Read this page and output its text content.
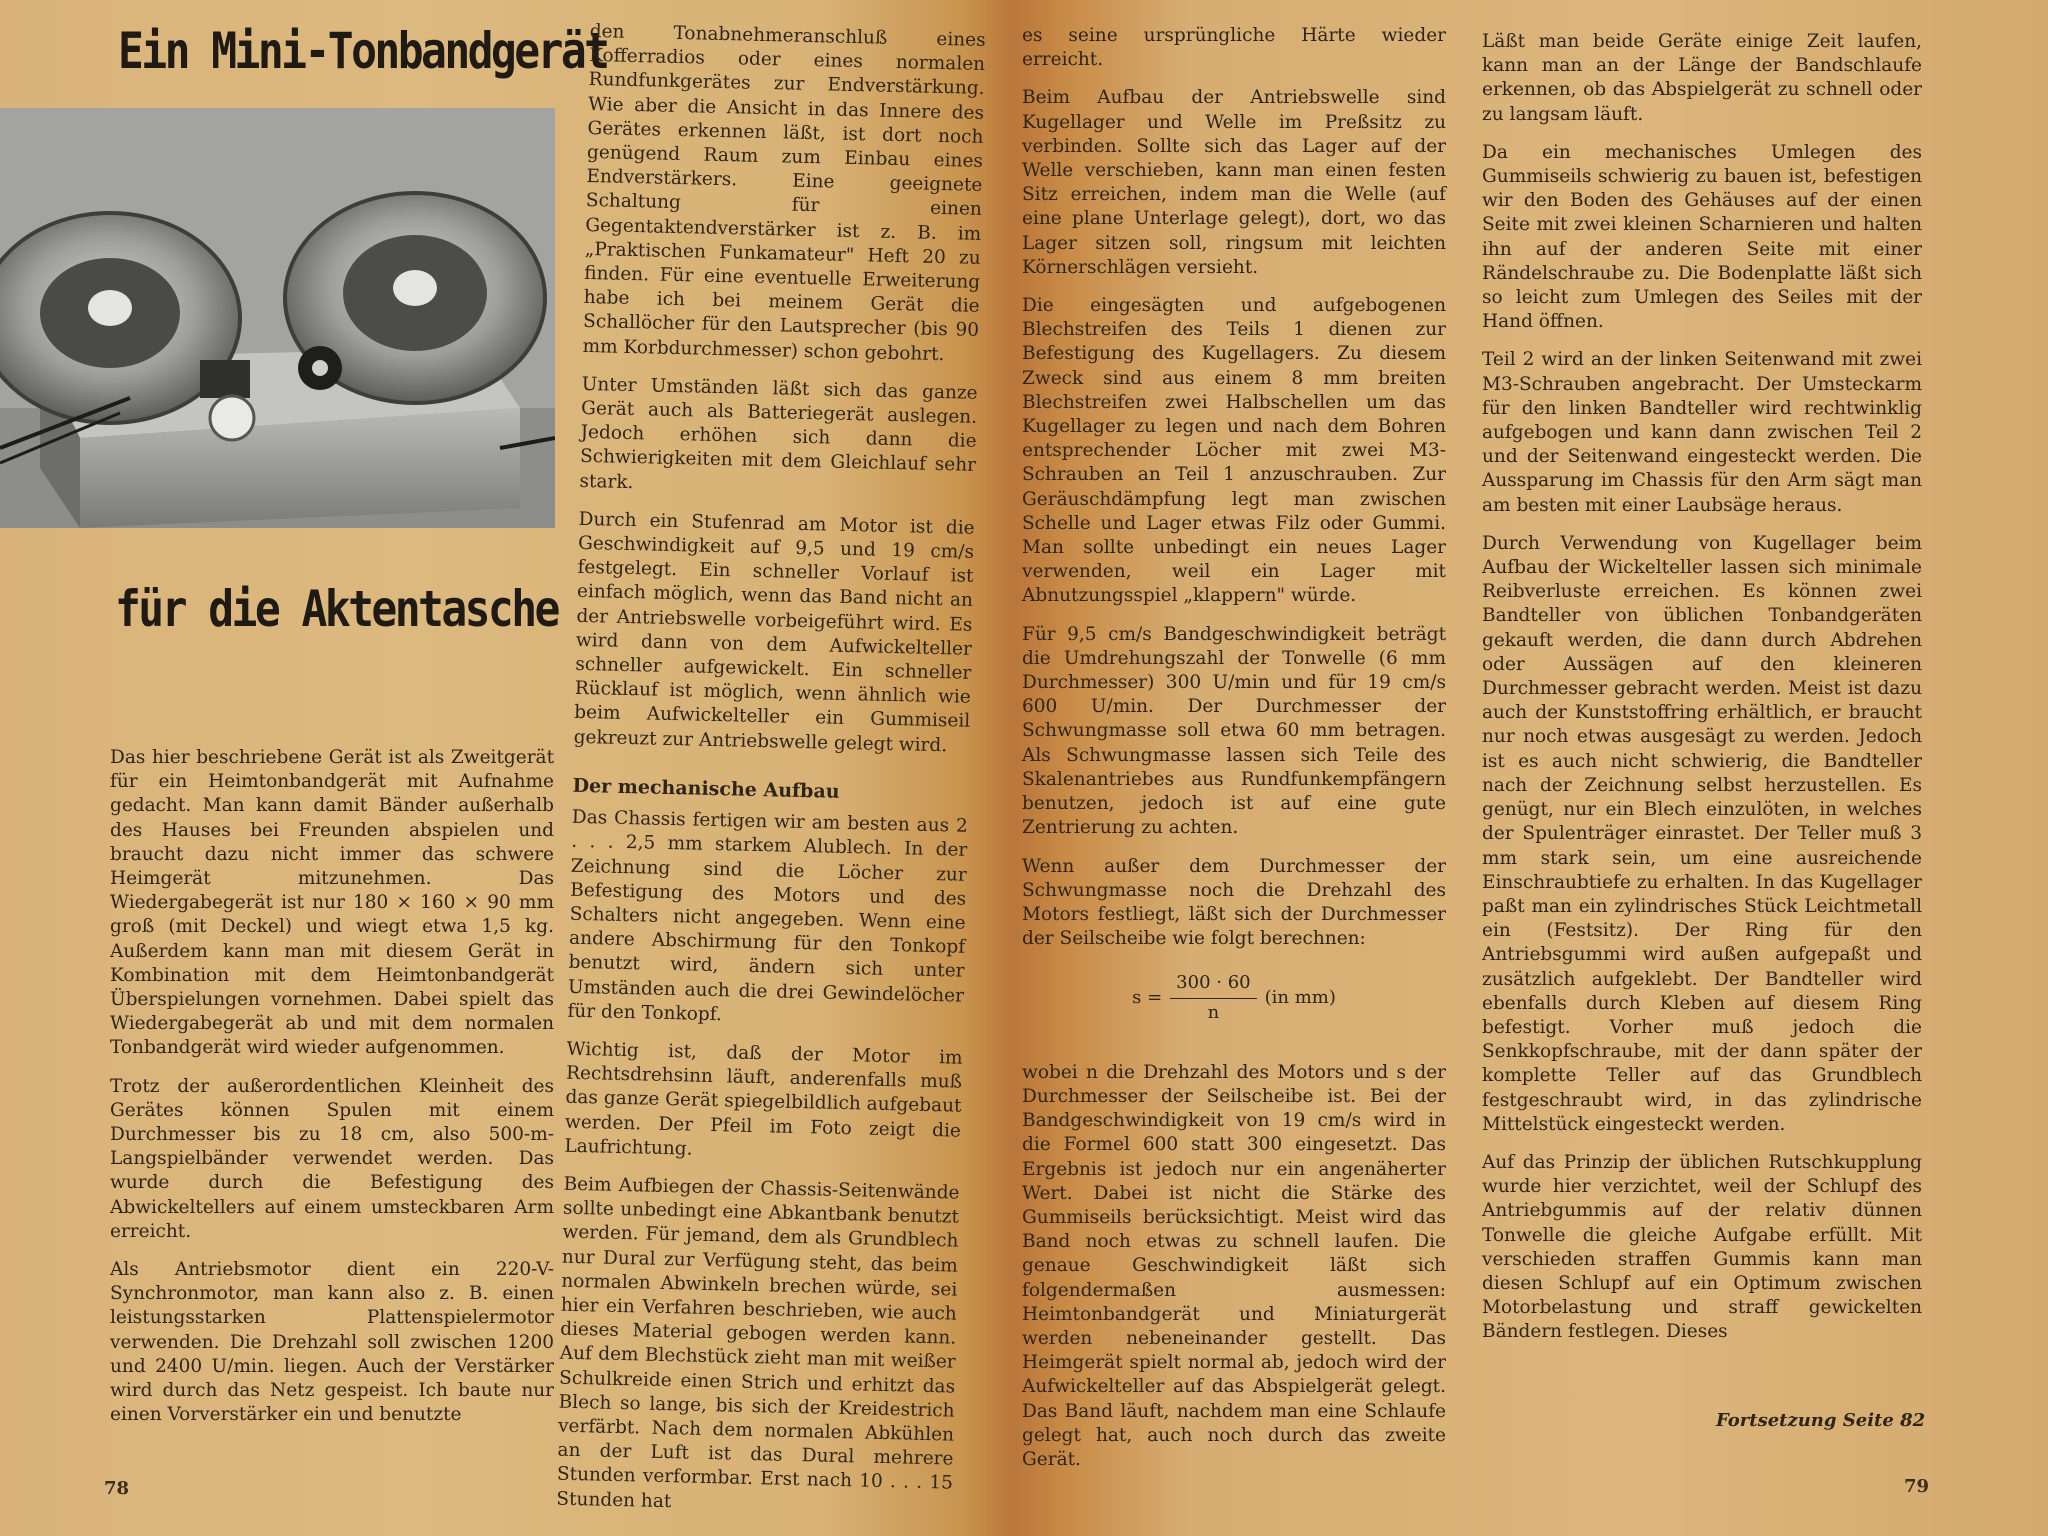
Ein Mini-Tonbandgerät
für die Aktentasche

Das hier beschriebene Gerät ist als Zweitgerät für ein Heimtonbandgerät mit Aufnahme gedacht. Man kann damit Bänder außerhalb des Hauses bei Freunden abspielen und braucht dazu nicht immer das schwere Heimgerät mitzunehmen. Das Wiedergabegerät ist nur 180 × 160 × 90 mm groß (mit Deckel) und wiegt etwa 1,5 kg. Außerdem kann man mit diesem Gerät in Kombination mit dem Heimtonbandgerät Überspielungen vornehmen. Dabei spielt das Wiedergabegerät ab und mit dem normalen Tonbandgerät wird wieder aufgenommen.

Trotz der außerordentlichen Kleinheit des Gerätes können Spulen mit einem Durchmesser bis zu 18 cm, also 500-m-Langspielbänder verwendet werden. Das wurde durch die Befestigung des Abwickeltellers auf einem umsteckbaren Arm erreicht.

Als Antriebsmotor dient ein 220-V-Synchronmotor, man kann also z. B. einen leistungsstarken Plattenspielermotor verwenden. Die Drehzahl soll zwischen 1200 und 2400 U/min. liegen. Auch der Verstärker wird durch das Netz gespeist. Ich baute nur einen Vorverstärker ein und benutzte

den Tonabnehmeranschluß eines Kofferradios oder eines normalen Rundfunkgerätes zur Endverstärkung. Wie aber die Ansicht in das Innere des Gerätes erkennen läßt, ist dort noch genügend Raum zum Einbau eines Endverstärkers. Eine geeignete Schaltung für einen Gegentaktendverstärker ist z. B. im „Praktischen Funkamateur" Heft 20 zu finden. Für eine eventuelle Erweiterung habe ich bei meinem Gerät die Schallöcher für den Lautsprecher (bis 90 mm Korbdurchmesser) schon gebohrt.

Unter Umständen läßt sich das ganze Gerät auch als Batteriegerät auslegen. Jedoch erhöhen sich dann die Schwierigkeiten mit dem Gleichlauf sehr stark.

Durch ein Stufenrad am Motor ist die Geschwindigkeit auf 9,5 und 19 cm/s festgelegt. Ein schneller Vorlauf ist einfach möglich, wenn das Band nicht an der Antriebswelle vorbeigeführt wird. Es wird dann von dem Aufwickelteller schneller aufgewickelt. Ein schneller Rücklauf ist möglich, wenn ähnlich wie beim Aufwickelteller ein Gummiseil gekreuzt zur Antriebswelle gelegt wird.

Der mechanische Aufbau

Das Chassis fertigen wir am besten aus 2 . . . 2,5 mm starkem Alublech. In der Zeichnung sind die Löcher zur Befestigung des Motors und des Schalters nicht angegeben. Wenn eine andere Abschirmung für den Tonkopf benutzt wird, ändern sich unter Umständen auch die drei Gewindelöcher für den Tonkopf.

Wichtig ist, daß der Motor im Rechtsdrehsinn läuft, anderenfalls muß das ganze Gerät spiegelbildlich aufgebaut werden. Der Pfeil im Foto zeigt die Laufrichtung.

Beim Aufbiegen der Chassis-Seitenwände sollte unbedingt eine Abkantbank benutzt werden. Für jemand, dem als Grundblech nur Dural zur Verfügung steht, das beim normalen Abwinkeln brechen würde, sei hier ein Verfahren beschrieben, wie auch dieses Material gebogen werden kann. Auf dem Blechstück zieht man mit weißer Schulkreide einen Strich und erhitzt das Blech so lange, bis sich der Kreidestrich verfärbt. Nach dem normalen Abkühlen an der Luft ist das Dural mehrere Stunden verformbar. Erst nach 10 . . . 15 Stunden hat

78

es seine ursprüngliche Härte wieder erreicht.

Beim Aufbau der Antriebswelle sind Kugellager und Welle im Preßsitz zu verbinden. Sollte sich das Lager auf der Welle verschieben, kann man einen festen Sitz erreichen, indem man die Welle (auf eine plane Unterlage gelegt), dort, wo das Lager sitzen soll, ringsum mit leichten Körnerschlägen versieht.

Die eingesägten und aufgebogenen Blechstreifen des Teils 1 dienen zur Befestigung des Kugellagers. Zu diesem Zweck sind aus einem 8 mm breiten Blechstreifen zwei Halbschellen um das Kugellager zu legen und nach dem Bohren entsprechender Löcher mit zwei M3-Schrauben an Teil 1 anzuschrauben. Zur Geräuschdämpfung legt man zwischen Schelle und Lager etwas Filz oder Gummi. Man sollte unbedingt ein neues Lager verwenden, weil ein Lager mit Abnutzungsspiel „klappern" würde.

Für 9,5 cm/s Bandgeschwindigkeit beträgt die Umdrehungszahl der Tonwelle (6 mm Durchmesser) 300 U/min und für 19 cm/s 600 U/min. Der Durchmesser der Schwungmasse soll etwa 60 mm betragen. Als Schwungmasse lassen sich Teile des Skalenantriebes aus Rundfunkempfängern benutzen, jedoch ist auf eine gute Zentrierung zu achten.

Wenn außer dem Durchmesser der Schwungmasse noch die Drehzahl des Motors festliegt, läßt sich der Durchmesser der Seilscheibe wie folgt berechnen:

$s = \frac{300 \cdot 60}{n} (in$ mm)

wobei n die Drehzahl des Motors und s der Durchmesser der Seilscheibe ist. Bei der Bandgeschwindigkeit von 19 cm/s wird in die Formel 600 statt 300 eingesetzt. Das Ergebnis ist jedoch nur ein angenäherter Wert. Dabei ist nicht die Stärke des Gummiseils berücksichtigt. Meist wird das Band noch etwas zu schnell laufen. Die genaue Geschwindigkeit läßt sich folgendermaßen ausmessen: Heimtonbandgerät und Miniaturgerät werden nebeneinander gestellt. Das Heimgerät spielt normal ab, jedoch wird der Aufwickelteller auf das Abspielgerät gelegt. Das Band läuft, nachdem man eine Schlaufe gelegt hat, auch noch durch das zweite Gerät.

Läßt man beide Geräte einige Zeit laufen, kann man an der Länge der Bandschlaufe erkennen, ob das Abspielgerät zu schnell oder zu langsam läuft.

Da ein mechanisches Umlegen des Gummiseils schwierig zu bauen ist, befestigen wir den Boden des Gehäuses auf der einen Seite mit zwei kleinen Scharnieren und halten ihn auf der anderen Seite mit einer Rändelschraube zu. Die Bodenplatte läßt sich so leicht zum Umlegen des Seiles mit der Hand öffnen.

Teil 2 wird an der linken Seitenwand mit zwei M3-Schrauben angebracht. Der Umsteckarm für den linken Bandteller wird rechtwinklig aufgebogen und kann dann zwischen Teil 2 und der Seitenwand eingesteckt werden. Die Aussparung im Chassis für den Arm sägt man am besten mit einer Laubsäge heraus.

Durch Verwendung von Kugellager beim Aufbau der Wickelteller lassen sich minimale Reibverluste erreichen. Es können zwei Bandteller von üblichen Tonbandgeräten gekauft werden, die dann durch Abdrehen oder Aussägen auf den kleineren Durchmesser gebracht werden. Meist ist dazu auch der Kunststoffring erhältlich, er braucht nur noch etwas ausgesägt zu werden. Jedoch ist es auch nicht schwierig, die Bandteller nach der Zeichnung selbst herzustellen. Es genügt, nur ein Blech einzulöten, in welches der Spulenträger einrastet. Der Teller muß 3 mm stark sein, um eine ausreichende Einschraubtiefe zu erhalten. In das Kugellager paßt man ein zylindrisches Stück Leichtmetall ein (Festsitz). Der Ring für den Antriebsgummi wird außen aufgepaßt und zusätzlich aufgeklebt. Der Bandteller wird ebenfalls durch Kleben auf diesem Ring befestigt. Vorher muß jedoch die Senkkopfschraube, mit der dann später der komplette Teller auf das Grundblech festgeschraubt wird, in das zylindrische Mittelstück eingesteckt werden.

Auf das Prinzip der üblichen Rutschkupplung wurde hier verzichtet, weil der Schlupf des Antriebgummis auf der relativ dünnen Tonwelle die gleiche Aufgabe erfüllt. Mit verschieden straffen Gummis kann man diesen Schlupf auf ein Optimum zwischen Motorbelastung und straff gewickelten Bändern festlegen. Dieses

Fortsetzung Seite 82
79
